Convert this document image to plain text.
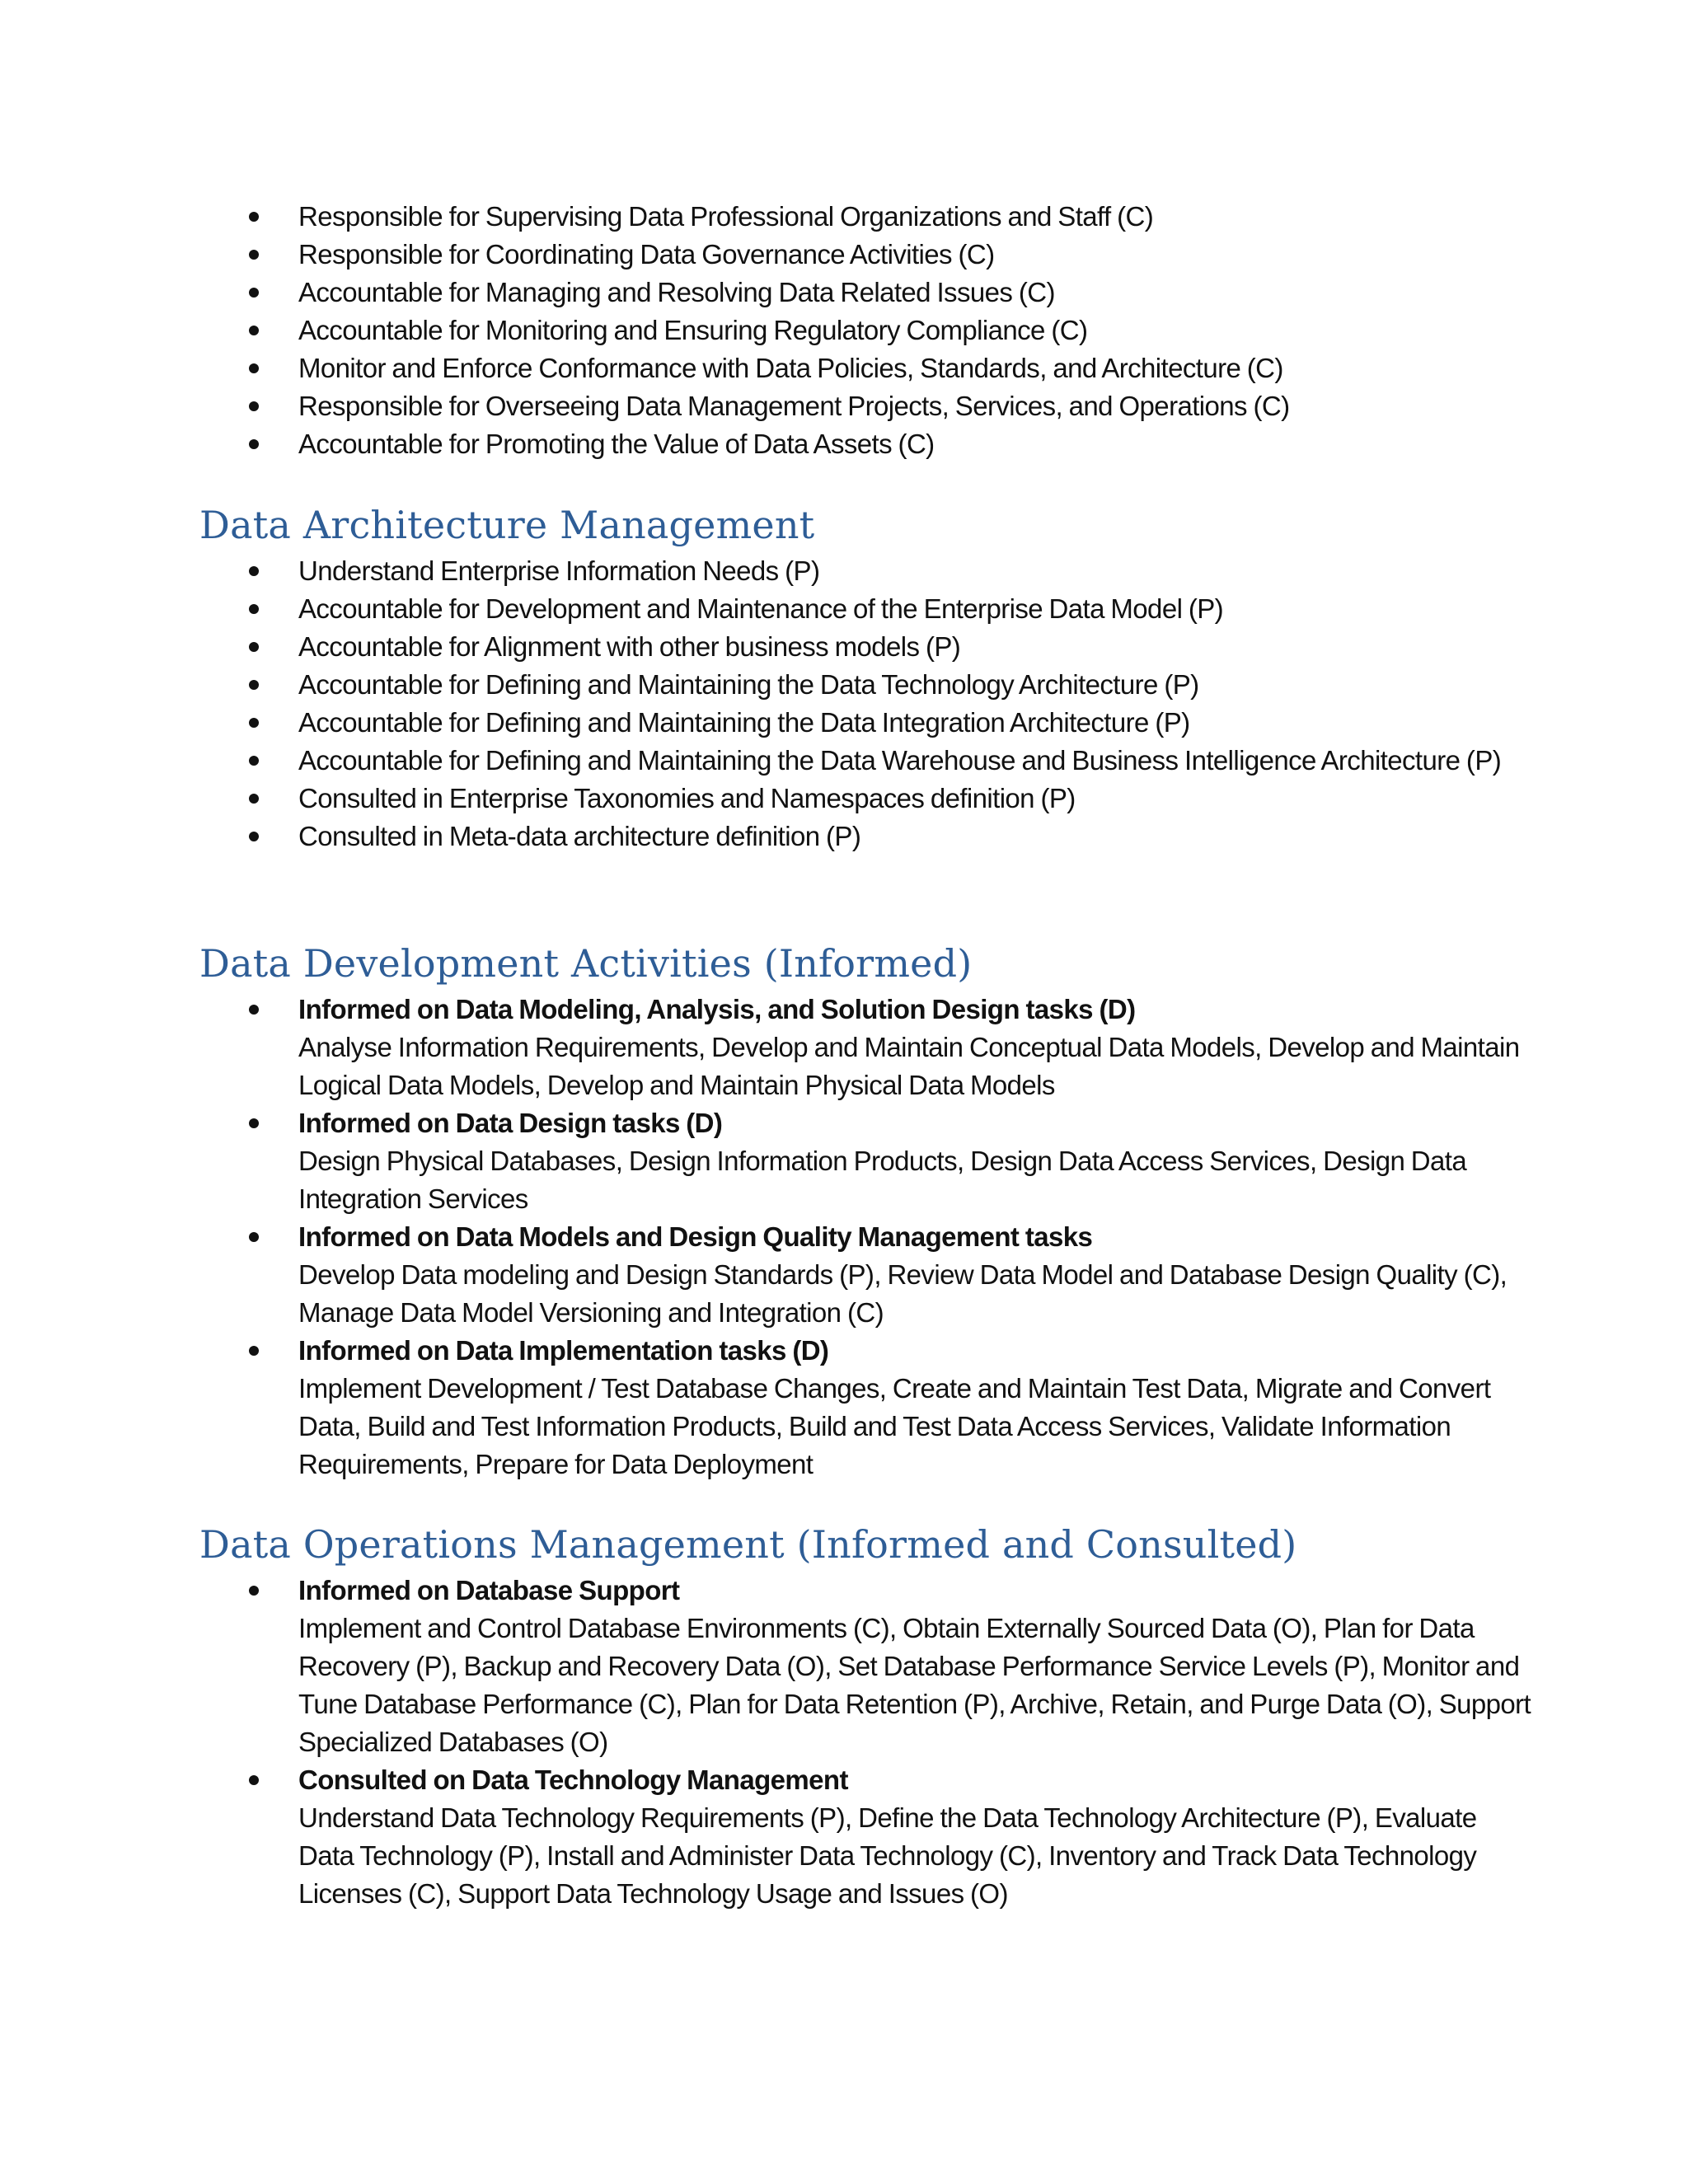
Responsible for Supervising Data Professional Organizations and Staff (C)
Responsible for Coordinating Data Governance Activities (C)
Accountable for Managing and Resolving Data Related Issues (C)
Accountable for Monitoring and Ensuring Regulatory Compliance (C)
Monitor and Enforce Conformance with Data Policies, Standards, and Architecture (C)
Responsible for Overseeing Data Management Projects, Services, and Operations (C)
Accountable for Promoting the Value of Data Assets (C)
Data Architecture Management
Understand Enterprise Information Needs (P)
Accountable for Development and Maintenance of the Enterprise Data Model (P)
Accountable for Alignment with other business models (P)
Accountable for Defining and Maintaining the Data Technology Architecture (P)
Accountable for Defining and Maintaining the Data Integration Architecture (P)
Accountable for Defining and Maintaining the Data Warehouse and Business Intelligence Architecture (P)
Consulted in Enterprise Taxonomies and Namespaces definition (P)
Consulted in Meta-data architecture definition (P)
Data Development Activities (Informed)
Informed on Data Modeling, Analysis, and Solution Design tasks (D)
Analyse Information Requirements, Develop and Maintain Conceptual Data Models, Develop and Maintain Logical Data Models, Develop and Maintain Physical Data Models
Informed on Data Design tasks (D)
Design Physical Databases, Design Information Products, Design Data Access Services, Design Data Integration Services
Informed on Data Models and Design Quality Management tasks
Develop Data modeling and Design Standards (P), Review Data Model and Database Design Quality (C), Manage Data Model Versioning and Integration (C)
Informed on Data Implementation tasks (D)
Implement Development / Test Database Changes, Create and Maintain Test Data, Migrate and Convert Data, Build and Test Information Products, Build and Test Data Access Services, Validate Information Requirements, Prepare for Data Deployment
Data Operations Management (Informed and Consulted)
Informed on Database Support
Implement and Control Database Environments (C), Obtain Externally Sourced Data (O), Plan for Data Recovery (P), Backup and Recovery Data (O), Set Database Performance Service Levels (P), Monitor and Tune Database Performance (C), Plan for Data Retention (P), Archive, Retain, and Purge Data (O), Support Specialized Databases (O)
Consulted on Data Technology Management
Understand Data Technology Requirements (P), Define the Data Technology Architecture (P), Evaluate Data Technology (P), Install and Administer Data Technology (C), Inventory and Track Data Technology Licenses (C), Support Data Technology Usage and Issues (O)
